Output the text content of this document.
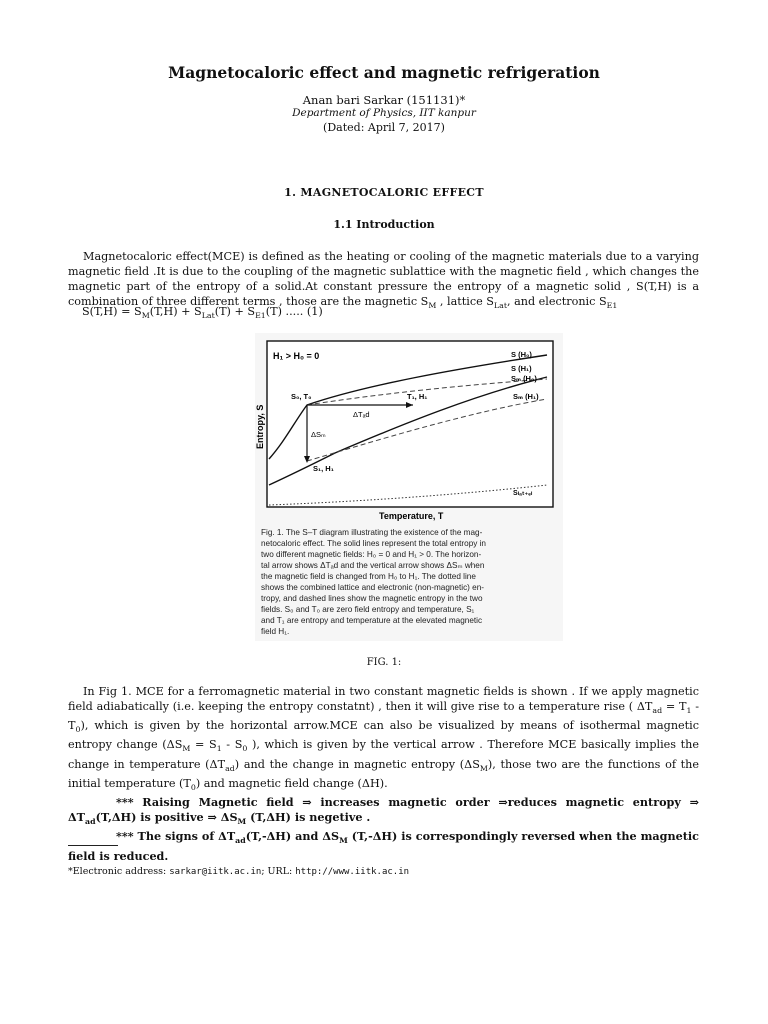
Magnetocaloric effect and magnetic refrigeration
Anan bari Sarkar (151131)*
Department of Physics, IIT kanpur
(Dated: April 7, 2017)
1. MAGNETOCALORIC EFFECT
1.1 Introduction
Magnetocaloric effect(MCE) is defined as the heating or cooling of the magnetic materials due to a varying magnetic field .It is due to the coupling of the magnetic sublattice with the magnetic field , which changes the magnetic part of the entropy of a solid.At constant pressure the entropy of a magnetic solid , S(T,H) is a combination of three different terms , those are the magnetic $S_M$ , lattice $S_{Lat}$, and electronic $S_{E1}$
$S(T,H) = S_M(T,H) + S_{Lat}(T) + S_{E1}(T)$ ..... (1)
H₁ > H₀ = 0	S (H₀)
S (H₁)
Sₘ (H₀)
Sₘ (H₁)
S₀, T₀	T₁, H₁
ΔTₐd
ΔSₘ
S₁, H₁
Sₗₐₜ₊ₑₗ
Entropy, S
Temperature, T
Fig. 1. The S–T diagram illustrating the existence of the mag-
netocaloric effect. The solid lines represent the total entropy in
two different magnetic fields: H₀ = 0 and H₁ > 0. The horizon-
tal arrow shows ΔTₐd and the vertical arrow shows ΔSₘ when
the magnetic field is changed from H₀ to H₁. The dotted line
shows the combined lattice and electronic (non-magnetic) en-
tropy, and dashed lines show the magnetic entropy in the two
fields. S₀ and T₀ are zero field entropy and temperature, S₁
and T₁ are entropy and temperature at the elevated magnetic
field H₁.
FIG. 1:
In Fig 1. MCE for a ferromagnetic material in two constant magnetic fields is shown . If we apply magnetic field adiabatically (i.e. keeping the entropy constatnt) , then it will give rise to a temperature rise ( $\Delta T_{ad} = T_1 - T_0$), which is given by the horizontal arrow.MCE can also be visualized by means of isothermal magnetic entropy change ($\Delta S_M = S_1 - S_0$ ), which is given by the vertical arrow . Therefore MCE basically implies the change in temperature $(\Delta T_{ad})$ and the change in magnetic entropy $(\Delta S_M)$, those two are the functions of the initial temperature $(T_0)$ and magnetic field change (ΔH).

*** Raising Magnetic field ⇒ increases magnetic order ⇒reduces magnetic entropy ⇒ $\Delta T_{ad}(T,\Delta H)$ is positive ⇒ $\Delta S_M$ (T,ΔH) is negetive .
*** The signs of $\Delta T_{ad}(T,-\Delta H)$ and $\Delta S_M$ (T,-ΔH) is correspondingly reversed when the magnetic field is reduced.
*Electronic address: sarkar@iitk.ac.in; URL: http://www.iitk.ac.in
